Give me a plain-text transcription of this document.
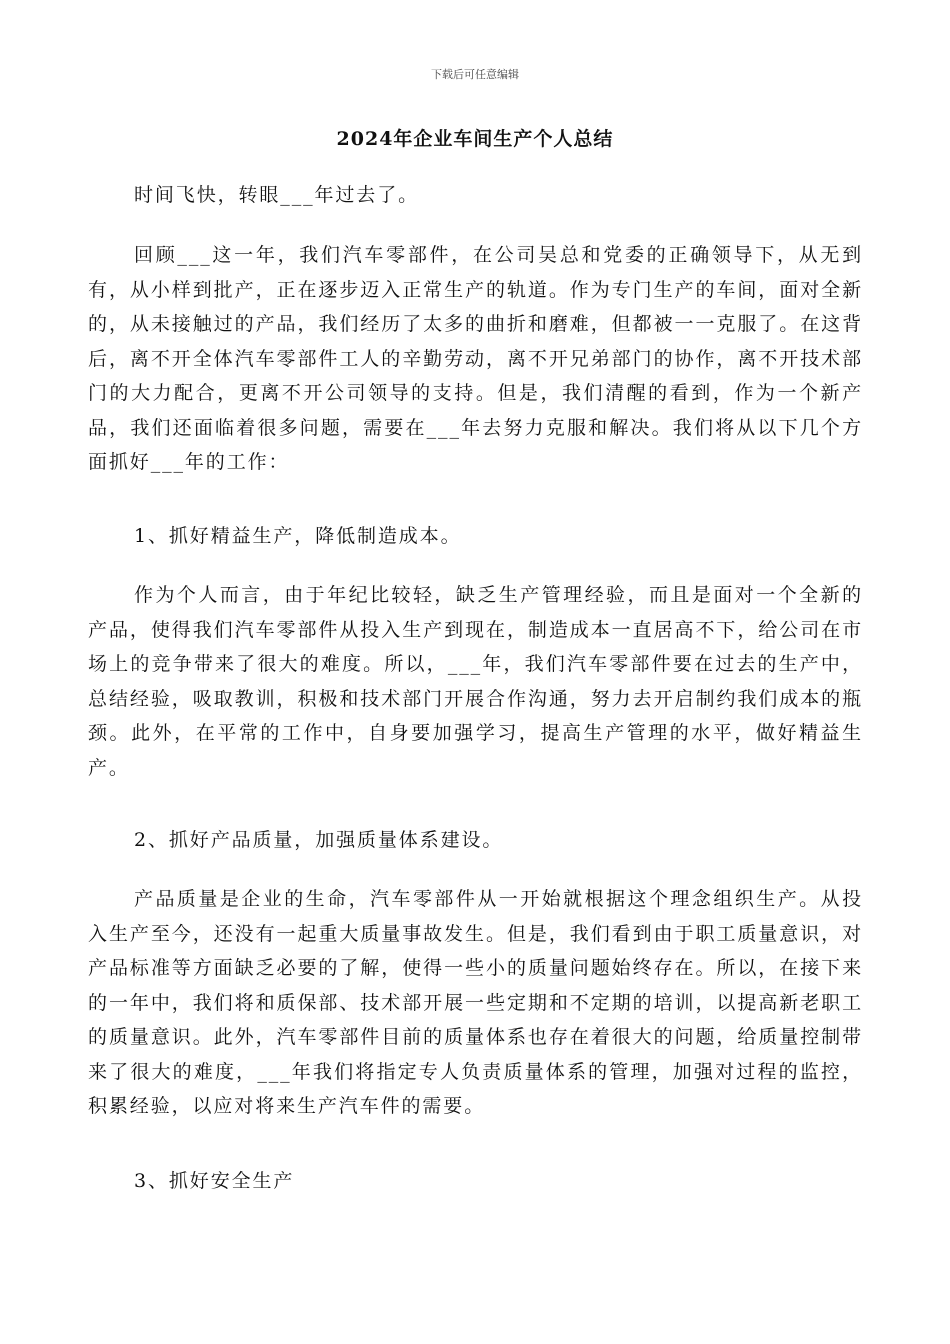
下载后可任意编辑
2024年企业车间生产个人总结

时间飞快，转眼___年过去了。

回顾___这一年，我们汽车零部件，在公司吴总和党委的正确领导下，从无到有，从小样到批产，正在逐步迈入正常生产的轨道。作为专门生产的车间，面对全新的，从未接触过的产品，我们经历了太多的曲折和磨难，但都被一一克服了。在这背后，离不开全体汽车零部件工人的辛勤劳动，离不开兄弟部门的协作，离不开技术部门的大力配合，更离不开公司领导的支持。但是，我们清醒的看到，作为一个新产品，我们还面临着很多问题，需要在___年去努力克服和解决。我们将从以下几个方面抓好___年的工作：

1、抓好精益生产，降低制造成本。

作为个人而言，由于年纪比较轻，缺乏生产管理经验，而且是面对一个全新的产品，使得我们汽车零部件从投入生产到现在，制造成本一直居高不下，给公司在市场上的竞争带来了很大的难度。所以，___年，我们汽车零部件要在过去的生产中，总结经验，吸取教训，积极和技术部门开展合作沟通，努力去开启制约我们成本的瓶颈。此外，在平常的工作中，自身要加强学习，提高生产管理的水平，做好精益生产。

2、抓好产品质量，加强质量体系建设。

产品质量是企业的生命，汽车零部件从一开始就根据这个理念组织生产。从投入生产至今，还没有一起重大质量事故发生。但是，我们看到由于职工质量意识，对产品标准等方面缺乏必要的了解，使得一些小的质量问题始终存在。所以，在接下来的一年中，我们将和质保部、技术部开展一些定期和不定期的培训，以提高新老职工的质量意识。此外，汽车零部件目前的质量体系也存在着很大的问题，给质量控制带来了很大的难度，___年我们将指定专人负责质量体系的管理，加强对过程的监控，积累经验，以应对将来生产汽车件的需要。

3、抓好安全生产
